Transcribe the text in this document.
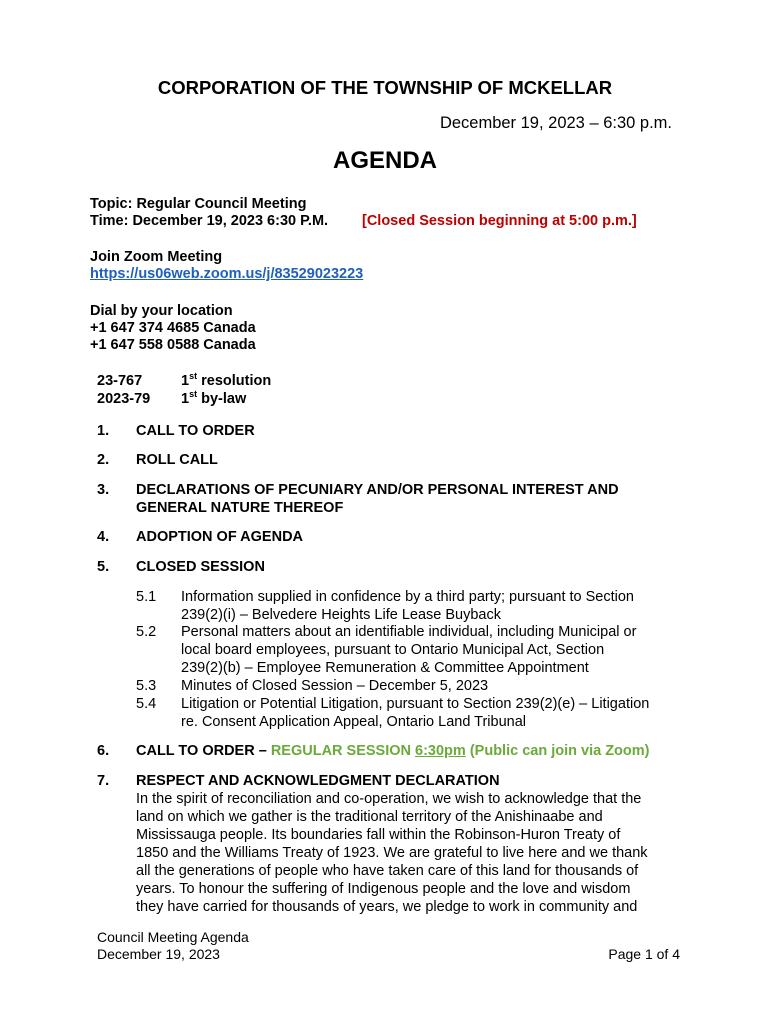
CORPORATION OF THE TOWNSHIP OF MCKELLAR
December 19, 2023 – 6:30 p.m.
AGENDA
Topic: Regular Council Meeting
Time: December 19, 2023 6:30 P.M. [Closed Session beginning at 5:00 p.m.]
Join Zoom Meeting
https://us06web.zoom.us/j/83529023223
Dial by your location
+1 647 374 4685 Canada
+1 647 558 0588 Canada
23-767	1st resolution
2023-79 1st by-law
1. CALL TO ORDER
2. ROLL CALL
3. DECLARATIONS OF PECUNIARY AND/OR PERSONAL INTEREST AND
GENERAL NATURE THEREOF
4. ADOPTION OF AGENDA
5. CLOSED SESSION
5.1 Information supplied in confidence by a third party; pursuant to Section
239(2)(i) – Belvedere Heights Life Lease Buyback
5.2 Personal matters about an identifiable individual, including Municipal or
local board employees, pursuant to Ontario Municipal Act, Section
239(2)(b) – Employee Remuneration & Committee Appointment
5.3 Minutes of Closed Session – December 5, 2023
5.4 Litigation or Potential Litigation, pursuant to Section 239(2)(e) – Litigation
re. Consent Application Appeal, Ontario Land Tribunal
6. CALL TO ORDER – REGULAR SESSION 6:30pm (Public can join via Zoom)
7. RESPECT AND ACKNOWLEDGMENT DECLARATION
In the spirit of reconciliation and co-operation, we wish to acknowledge that the
land on which we gather is the traditional territory of the Anishinaabe and
Mississauga people. Its boundaries fall within the Robinson-Huron Treaty of
1850 and the Williams Treaty of 1923. We are grateful to live here and we thank
all the generations of people who have taken care of this land for thousands of
years. To honour the suffering of Indigenous people and the love and wisdom
they have carried for thousands of years, we pledge to work in community and
Council Meeting Agenda
December 19, 2023	Page 1 of 4
